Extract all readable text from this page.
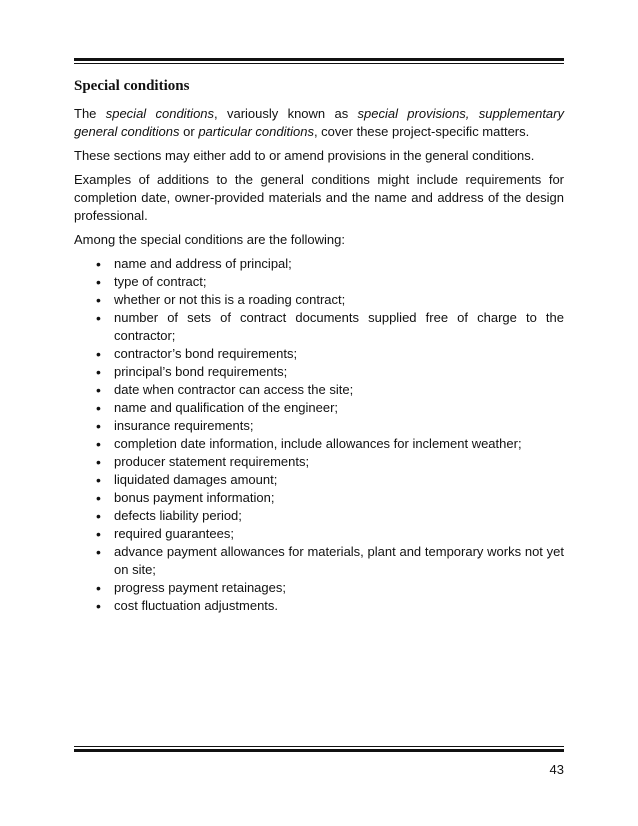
Special conditions

The special conditions, variously known as special provisions, supplementary general conditions or particular conditions, cover these project-specific matters.

These sections may either add to or amend provisions in the general conditions.

Examples of additions to the general conditions might include requirements for completion date, owner-provided materials and the name and address of the design professional.

Among the special conditions are the following:

• name and address of principal;
• type of contract;
• whether or not this is a roading contract;
• number of sets of contract documents supplied free of charge to the contractor;
• contractor’s bond requirements;
• principal’s bond requirements;
• date when contractor can access the site;
• name and qualification of the engineer;
• insurance requirements;
• completion date information, include allowances for inclement weather;
• producer statement requirements;
• liquidated damages amount;
• bonus payment information;
• defects liability period;
• required guarantees;
• advance payment allowances for materials, plant and temporary works not yet on site;
• progress payment retainages;
• cost fluctuation adjustments.
43
